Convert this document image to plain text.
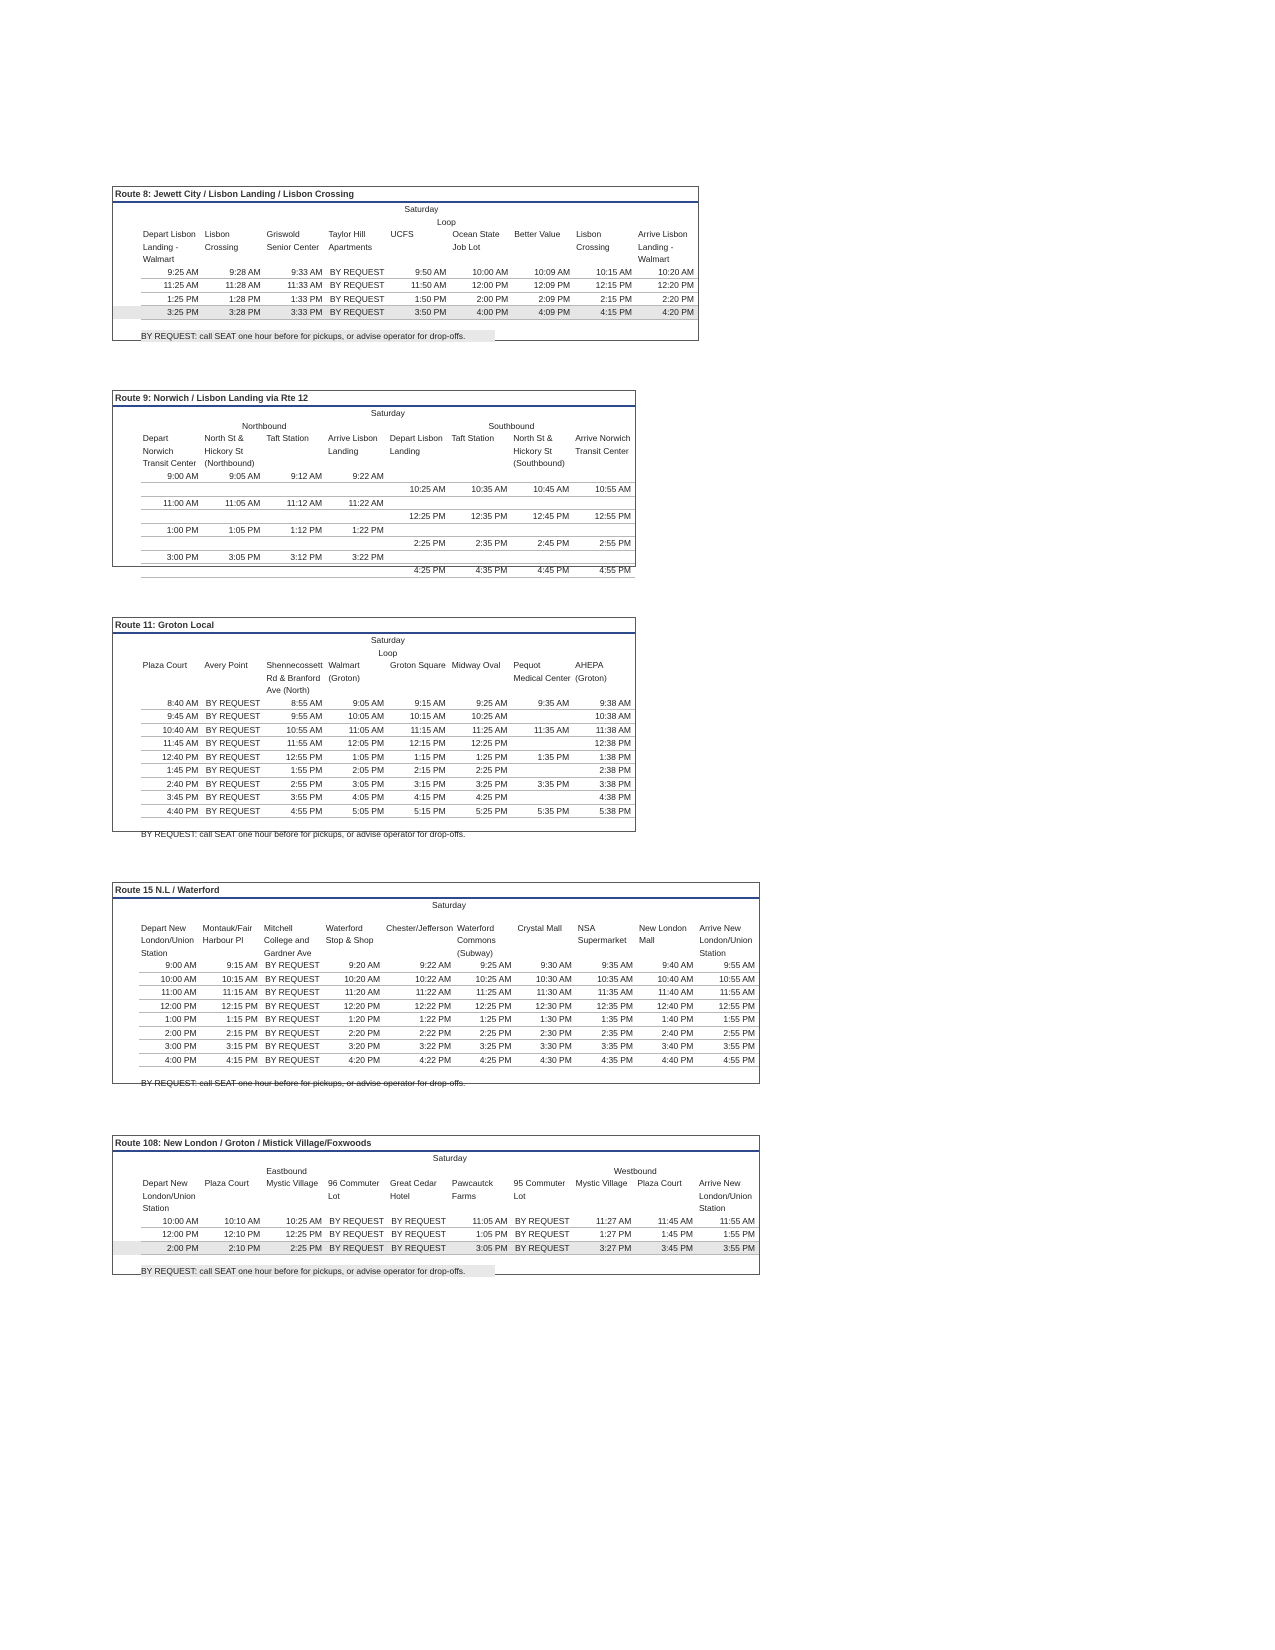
Route 8: Jewett City / Lisbon Landing / Lisbon Crossing
	Saturday								
	Loop								
	Depart Lisbon Landing - Walmart	Lisbon Crossing	Griswold Senior Center	Taylor Hill Apartments	UCFS	Ocean State Job Lot	Better Value	Lisbon Crossing	Arrive Lisbon Landing - Walmart
	9:25 AM	9:28 AM	9:33 AM	BY REQUEST	9:50 AM	10:00 AM	10:09 AM	10:15 AM	10:20 AM
	11:25 AM	11:28 AM	11:33 AM	BY REQUEST	11:50 AM	12:00 PM	12:09 PM	12:15 PM	12:20 PM
	1:25 PM	1:28 PM	1:33 PM	BY REQUEST	1:50 PM	2:00 PM	2:09 PM	2:15 PM	2:20 PM
	3:25 PM	3:28 PM	3:33 PM	BY REQUEST	3:50 PM	4:00 PM	4:09 PM	4:15 PM	4:20 PM
BY REQUEST: call SEAT one hour before for pickups, or advise operator for drop-offs.
Route 9: Norwich / Lisbon Landing via Rte 12
	Saturday							
	Northbound				Southbound			
	Depart Norwich Transit Center	North St & Hickory St (Northbound)	Taft Station	Arrive Lisbon Landing	Depart Lisbon Landing	Taft Station	North St & Hickory St (Southbound)	Arrive Norwich Transit Center
	9:00 AM	9:05 AM	9:12 AM	9:22 AM				
					10:25 AM	10:35 AM	10:45 AM	10:55 AM
	11:00 AM	11:05 AM	11:12 AM	11:22 AM				
					12:25 PM	12:35 PM	12:45 PM	12:55 PM
	1:00 PM	1:05 PM	1:12 PM	1:22 PM				
					2:25 PM	2:35 PM	2:45 PM	2:55 PM
	3:00 PM	3:05 PM	3:12 PM	3:22 PM				
					4:25 PM	4:35 PM	4:45 PM	4:55 PM
Route 11: Groton Local
	Saturday							
	Loop							
	Plaza Court	Avery Point	Shennecossett Rd & Branford Ave (North)	Walmart (Groton)	Groton Square	Midway Oval	Pequot Medical Center	AHEPA (Groton)
	8:40 AM	BY REQUEST	8:55 AM	9:05 AM	9:15 AM	9:25 AM	9:35 AM	9:38 AM
	9:45 AM	BY REQUEST	9:55 AM	10:05 AM	10:15 AM	10:25 AM		10:38 AM
	10:40 AM	BY REQUEST	10:55 AM	11:05 AM	11:15 AM	11:25 AM	11:35 AM	11:38 AM
	11:45 AM	BY REQUEST	11:55 AM	12:05 PM	12:15 PM	12:25 PM		12:38 PM
	12:40 PM	BY REQUEST	12:55 PM	1:05 PM	1:15 PM	1:25 PM	1:35 PM	1:38 PM
	1:45 PM	BY REQUEST	1:55 PM	2:05 PM	2:15 PM	2:25 PM		2:38 PM
	2:40 PM	BY REQUEST	2:55 PM	3:05 PM	3:15 PM	3:25 PM	3:35 PM	3:38 PM
	3:45 PM	BY REQUEST	3:55 PM	4:05 PM	4:15 PM	4:25 PM		4:38 PM
	4:40 PM	BY REQUEST	4:55 PM	5:05 PM	5:15 PM	5:25 PM	5:35 PM	5:38 PM
BY REQUEST: call SEAT one hour before for pickups, or advise operator for drop-offs.
Route 15 N.L / Waterford
	Saturday									

	Depart New London/Union Station	Montauk/Fair Harbour Pl	Mitchell College and Gardner Ave	Waterford Stop & Shop	Chester/Jefferson	Waterford Commons (Subway)	Crystal Mall	NSA Supermarket	New London Mall	Arrive New London/Union Station
	9:00 AM	9:15 AM	BY REQUEST	9:20 AM	9:22 AM	9:25 AM	9:30 AM	9:35 AM	9:40 AM	9:55 AM
	10:00 AM	10:15 AM	BY REQUEST	10:20 AM	10:22 AM	10:25 AM	10:30 AM	10:35 AM	10:40 AM	10:55 AM
	11:00 AM	11:15 AM	BY REQUEST	11:20 AM	11:22 AM	11:25 AM	11:30 AM	11:35 AM	11:40 AM	11:55 AM
	12:00 PM	12:15 PM	BY REQUEST	12:20 PM	12:22 PM	12:25 PM	12:30 PM	12:35 PM	12:40 PM	12:55 PM
	1:00 PM	1:15 PM	BY REQUEST	1:20 PM	1:22 PM	1:25 PM	1:30 PM	1:35 PM	1:40 PM	1:55 PM
	2:00 PM	2:15 PM	BY REQUEST	2:20 PM	2:22 PM	2:25 PM	2:30 PM	2:35 PM	2:40 PM	2:55 PM
	3:00 PM	3:15 PM	BY REQUEST	3:20 PM	3:22 PM	3:25 PM	3:30 PM	3:35 PM	3:40 PM	3:55 PM
	4:00 PM	4:15 PM	BY REQUEST	4:20 PM	4:22 PM	4:25 PM	4:30 PM	4:35 PM	4:40 PM	4:55 PM
BY REQUEST: call SEAT one hour before for pickups, or advise operator for drop-offs.
Route 108: New London / Groton / Mistick Village/Foxwoods
	Saturday									
			Eastbound					Westbound		
	Depart New London/Union Station	Plaza Court	Mystic Village	96 Commuter Lot	Great Cedar Hotel	Pawcautck Farms	95 Commuter Lot	Mystic Village	Plaza Court	Arrive New London/Union Station
	10:00 AM	10:10 AM	10:25 AM	BY REQUEST	BY REQUEST	11:05 AM	BY REQUEST	11:27 AM	11:45 AM	11:55 AM
	12:00 PM	12:10 PM	12:25 PM	BY REQUEST	BY REQUEST	1:05 PM	BY REQUEST	1:27 PM	1:45 PM	1:55 PM
	2:00 PM	2:10 PM	2:25 PM	BY REQUEST	BY REQUEST	3:05 PM	BY REQUEST	3:27 PM	3:45 PM	3:55 PM
BY REQUEST: call SEAT one hour before for pickups, or advise operator for drop-offs.
